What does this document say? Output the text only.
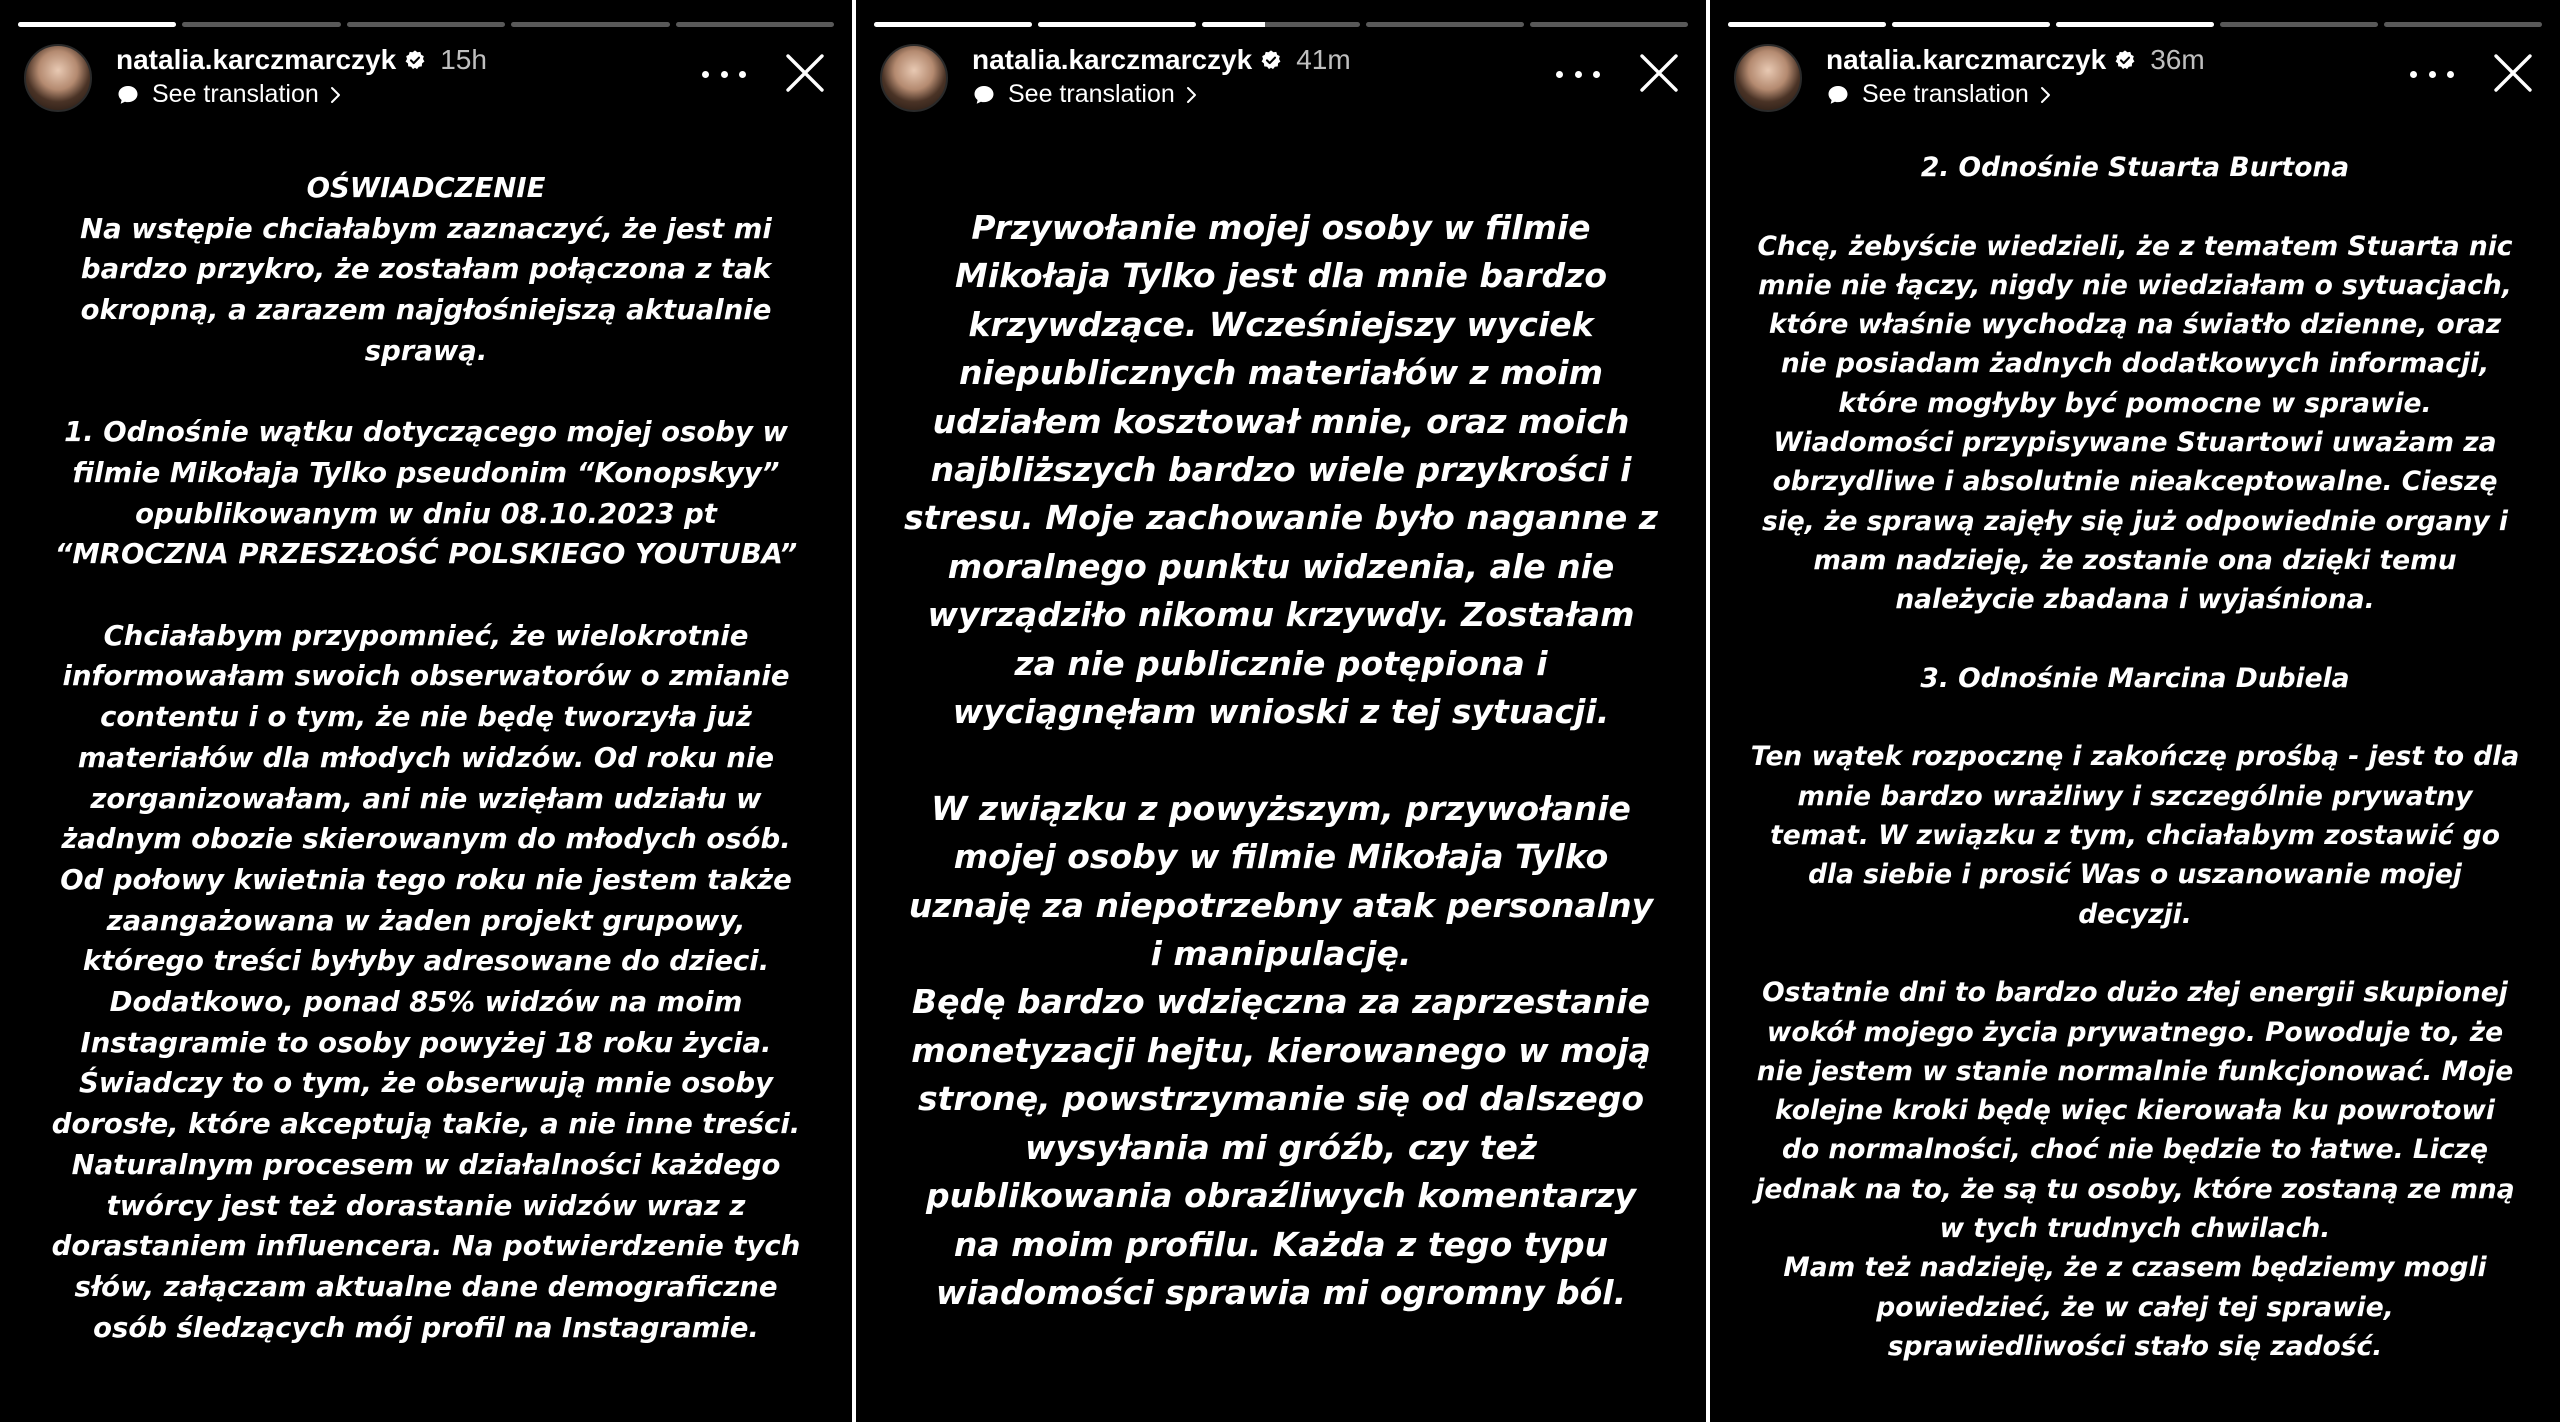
natalia.karczmarczyk 15h
See translation

OŚWIADCZENIE
Na wstępie chciałabym zaznaczyć, że jest mi
bardzo przykro, że zostałam połączona z tak
okropną, a zarazem najgłośniejszą aktualnie
sprawą.

1. Odnośnie wątku dotyczącego mojej osoby w
filmie Mikołaja Tylko pseudonim “Konopskyy”
opublikowanym w dniu 08.10.2023 pt
“MROCZNA PRZESZŁOŚĆ POLSKIEGO YOUTUBA”

Chciałabym przypomnieć, że wielokrotnie
informowałam swoich obserwatorów o zmianie
contentu i o tym, że nie będę tworzyła już
materiałów dla młodych widzów. Od roku nie
zorganizowałam, ani nie wzięłam udziału w
żadnym obozie skierowanym do młodych osób.
Od połowy kwietnia tego roku nie jestem także
zaangażowana w żaden projekt grupowy,
którego treści byłyby adresowane do dzieci.
Dodatkowo, ponad 85% widzów na moim
Instagramie to osoby powyżej 18 roku życia.
Świadczy to o tym, że obserwują mnie osoby
dorosłe, które akceptują takie, a nie inne treści.
Naturalnym procesem w działalności każdego
twórcy jest też dorastanie widzów wraz z
dorastaniem influencera. Na potwierdzenie tych
słów, załączam aktualne dane demograficzne
osób śledzących mój profil na Instagramie.

natalia.karczmarczyk 41m
See translation

Przywołanie mojej osoby w filmie
Mikołaja Tylko jest dla mnie bardzo
krzywdzące. Wcześniejszy wyciek
niepublicznych materiałów z moim
udziałem kosztował mnie, oraz moich
najbliższych bardzo wiele przykrości i
stresu. Moje zachowanie było naganne z
moralnego punktu widzenia, ale nie
wyrządziło nikomu krzywdy. Zostałam
za nie publicznie potępiona i
wyciągnęłam wnioski z tej sytuacji.

W związku z powyższym, przywołanie
mojej osoby w filmie Mikołaja Tylko
uznaję za niepotrzebny atak personalny
i manipulację.

Będę bardzo wdzięczna za zaprzestanie
monetyzacji hejtu, kierowanego w moją
stronę, powstrzymanie się od dalszego
wysyłania mi gróźb, czy też
publikowania obraźliwych komentarzy
na moim profilu. Każda z tego typu
wiadomości sprawia mi ogromny ból.

natalia.karczmarczyk 36m
See translation

2. Odnośnie Stuarta Burtona

Chcę, żebyście wiedzieli, że z tematem Stuarta nic
mnie nie łączy, nigdy nie wiedziałam o sytuacjach,
które właśnie wychodzą na światło dzienne, oraz
nie posiadam żadnych dodatkowych informacji,
które mogłyby być pomocne w sprawie.
Wiadomości przypisywane Stuartowi uważam za
obrzydliwe i absolutnie nieakceptowalne. Cieszę
się, że sprawą zajęły się już odpowiednie organy i
mam nadzieję, że zostanie ona dzięki temu
należycie zbadana i wyjaśniona.

3. Odnośnie Marcina Dubiela

Ten wątek rozpocznę i zakończę prośbą - jest to dla
mnie bardzo wrażliwy i szczególnie prywatny
temat. W związku z tym, chciałabym zostawić go
dla siebie i prosić Was o uszanowanie mojej
decyzji.

Ostatnie dni to bardzo dużo złej energii skupionej
wokół mojego życia prywatnego. Powoduje to, że
nie jestem w stanie normalnie funkcjonować. Moje
kolejne kroki będę więc kierowała ku powrotowi
do normalności, choć nie będzie to łatwe. Liczę
jednak na to, że są tu osoby, które zostaną ze mną
w tych trudnych chwilach.
Mam też nadzieję, że z czasem będziemy mogli
powiedzieć, że w całej tej sprawie,
sprawiedliwości stało się zadość.
